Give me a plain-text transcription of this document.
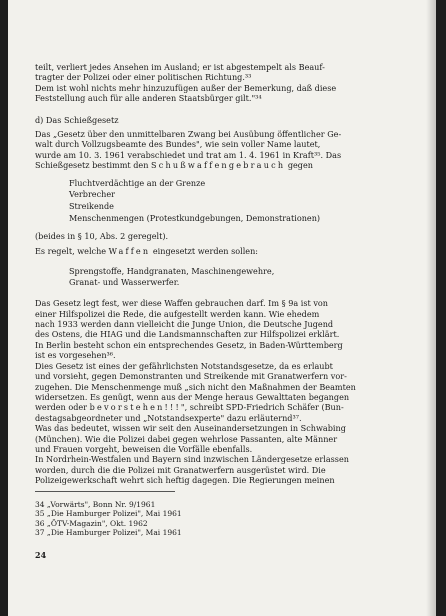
teilt, verliert jedes Ansehen im Ausland; er ist abgestempelt als Beauf-
tragter der Polizei oder einer politischen Richtung.³³
Dem ist wohl nichts mehr hinzuzufügen außer der Bemerkung, daß diese
Feststellung auch für alle anderen Staatsbürger gilt."³⁴

d) Das Schießgesetz

Das „Gesetz über den unmittelbaren Zwang bei Ausübung öffentlicher Ge-
walt durch Vollzugsbeamte des Bundes", wie sein voller Name lautet,
wurde am 10. 3. 1961 verabschiedet und trat am 1. 4. 1961 in Kraft³⁵. Das
Schießgesetz bestimmt den Schußwaffengebrauch gegen

Fluchtverdächtige an der Grenze
Verbrecher
Streikende
Menschenmengen (Protestkundgebungen, Demonstrationen)

(beides in § 10, Abs. 2 geregelt).

Es regelt, welche Waffen eingesetzt werden sollen:

Sprengstoffe, Handgranaten, Maschinengewehre,
Granat- und Wasserwerfer.

Das Gesetz legt fest, wer diese Waffen gebrauchen darf. Im § 9a ist von
einer Hilfspolizei die Rede, die aufgestellt werden kann. Wie ehedem
nach 1933 werden dann vielleicht die Junge Union, die Deutsche Jugend
des Ostens, die HIAG und die Landsmannschaften zur Hilfspolizei erklärt.
In Berlin besteht schon ein entsprechendes Gesetz, in Baden-Württemberg
ist es vorgesehen³⁶.

Dies Gesetz ist eines der gefährlichsten Notstandsgesetze, da es erlaubt
und vorsieht, gegen Demonstranten und Streikende mit Granatwerfern vor-
zugehen. Die Menschenmenge muß „sich nicht den Maßnahmen der Beamten
widersetzen. Es genügt, wenn aus der Menge heraus Gewalttaten begangen
werden oder bevorstehen!!!", schreibt SPD-Friedrich Schäfer (Bun-
destagsabgeordneter und „Notstandsexperte" dazu erläuternd³⁷.

Was das bedeutet, wissen wir seit den Auseinandersetzungen in Schwabing
(München). Wie die Polizei dabei gegen wehrlose Passanten, alte Männer
und Frauen vorgeht, beweisen die Vorfälle ebenfalls.
In Nordrhein-Westfalen und Bayern sind inzwischen Ländergesetze erlassen
worden, durch die die Polizei mit Granatwerfern ausgerüstet wird. Die
Polizeigewerkschaft wehrt sich heftig dagegen. Die Regierungen meinen

34 „Vorwärts", Bonn Nr. 9/1961
35 „Die Hamburger Polizei", Mai 1961
36 „ÖTV-Magazin", Okt. 1962
37 „Die Hamburger Polizei", Mai 1961
24
